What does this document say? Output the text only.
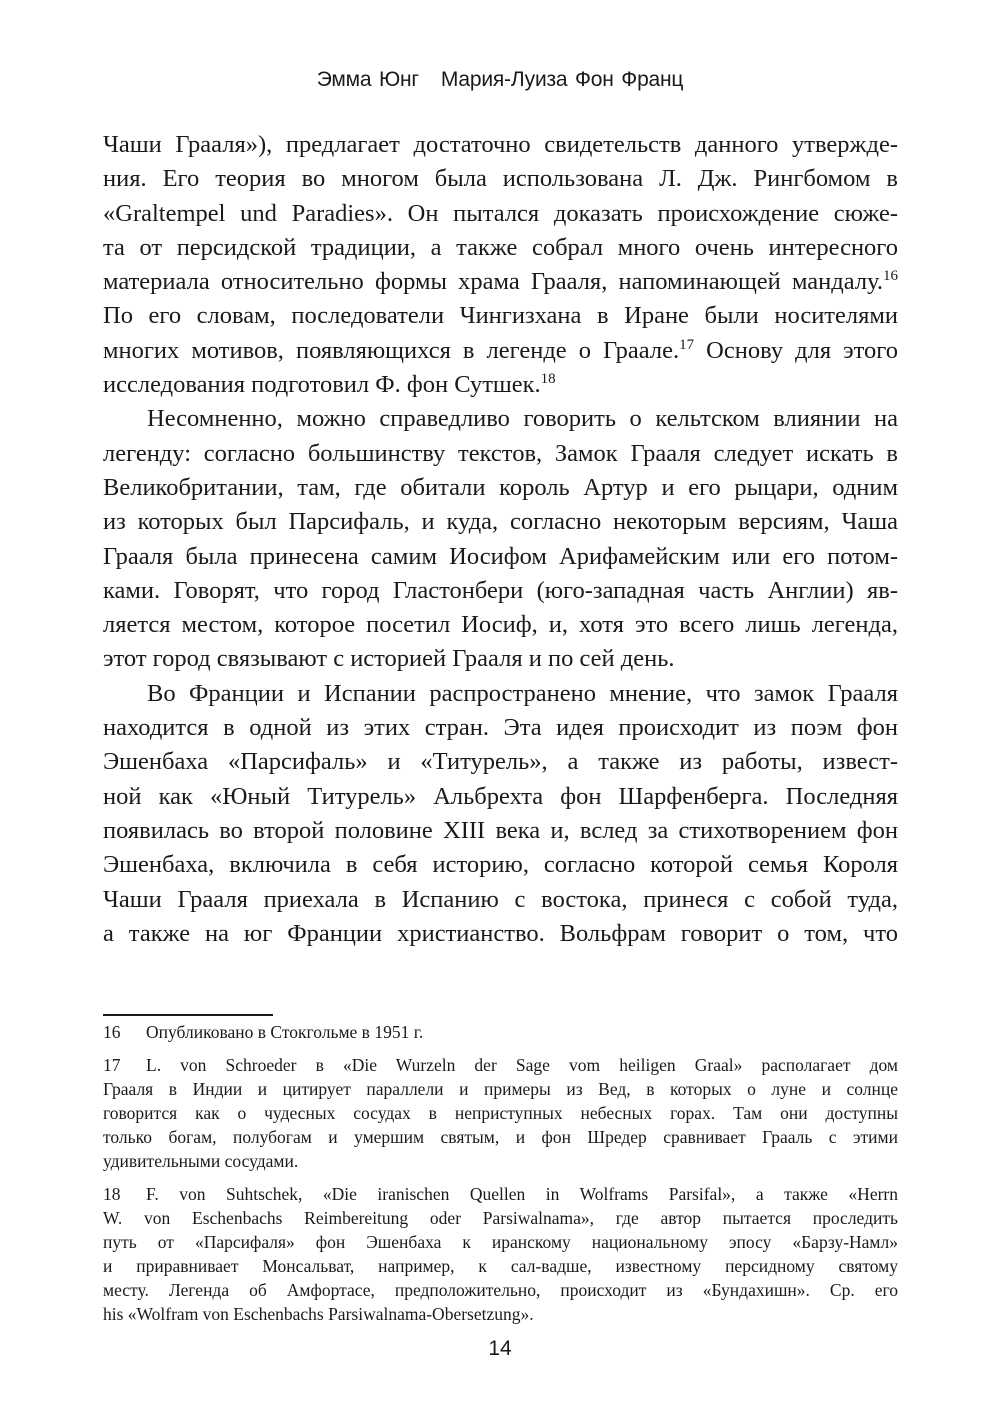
Эмма Юнг Мария-Луиза Фон Франц
Чаши Грааля»), предлагает достаточно свидетельств данного утвержде-
ния. Его теория во многом была использована Л. Дж. Рингбомом в
«Graltempel und Paradies». Он пытался доказать происхождение сюже-
та от персидской традиции, а также собрал много очень интересного
материала относительно формы храма Грааля, напоминающей мандалу.$^{16}$
По его словам, последователи Чингизхана в Иране были носителями
многих мотивов, появляющихся в легенде о Граале.$^{17}$ Основу для этого
исследования подготовил Ф. фон Сутшек.$^{18}$
Несомненно, можно справедливо говорить о кельтском влиянии на
легенду: согласно большинству текстов, Замок Грааля следует искать в
Великобритании, там, где обитали король Артур и его рыцари, одним
из которых был Парсифаль, и куда, согласно некоторым версиям, Чаша
Грааля была принесена самим Иосифом Арифамейским или его потом-
ками. Говорят, что город Гластонбери (юго-западная часть Англии) яв-
ляется местом, которое посетил Иосиф, и, хотя это всего лишь легенда,
этот город связывают с историей Грааля и по сей день.
Во Франции и Испании распространено мнение, что замок Грааля
находится в одной из этих стран. Эта идея происходит из поэм фон
Эшенбаха «Парсифаль» и «Титурель», а также из работы, извест-
ной как «Юный Титурель» Альбрехта фон Шарфенберга. Последняя
появилась во второй половине XIII века и, вслед за стихотворением фон
Эшенбаха, включила в себя историю, согласно которой семья Короля
Чаши Грааля приехала в Испанию с востока, принеся с собой туда,
а также на юг Франции христианство. Вольфрам говорит о том, что
16 Опубликовано в Стокгольме в 1951 г.
17 L. von Schroeder в «Die Wurzeln der Sage vom heiligen Graal» располагает дом
Грааля в Индии и цитирует параллели и примеры из Вед, в которых о луне и солнце
говорится как о чудесных сосудах в неприступных небесных горах. Там они доступны
только богам, полубогам и умершим святым, и фон Шредер сравнивает Грааль с этими
удивительными сосудами.
18 F. von Suhtschek, «Die iranischen Quellen in Wolframs Parsifal», а также «Herrn
W. von Eschenbachs Reimbereitung oder Parsiwalnama», где автор пытается проследить
путь от «Парсифаля» фон Эшенбаха к иранскому национальному эпосу «Барзу-Намл»
и приравнивает Монсальват, например, к сал-вадше, известному персидному святому
месту. Легенда об Амфортасе, предположительно, происходит из «Бундахишн». Ср. его
his «Wolfram von Eschenbachs Parsiwalnama-Obersetzung».
14
